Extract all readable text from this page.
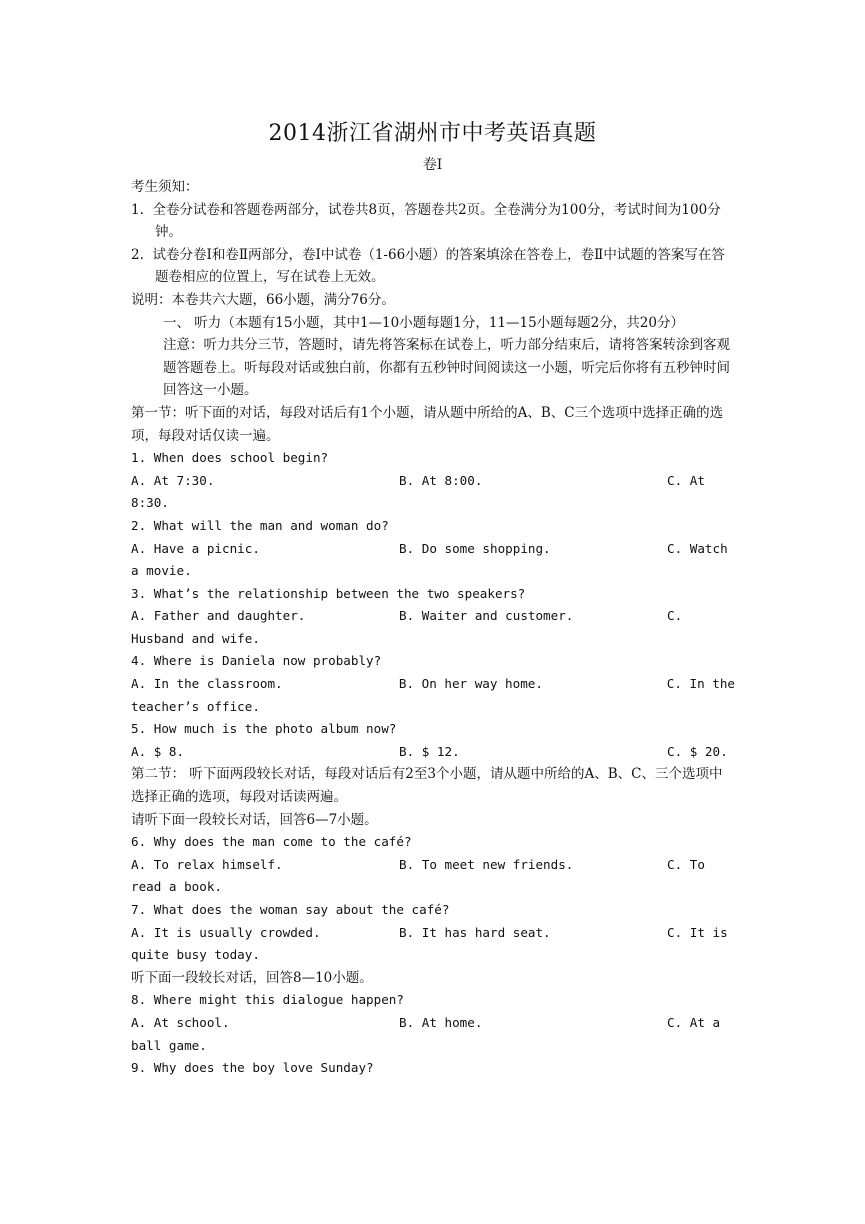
2014浙江省湖州市中考英语真题
卷Ⅰ
考生须知：
1. 全卷分试卷和答题卷两部分，试卷共8页，答题卷共2页。全卷满分为100分，考试时间为100分钟。
2. 试卷分卷Ⅰ和卷Ⅱ两部分，卷Ⅰ中试卷（1-66小题）的答案填涂在答卷上，卷Ⅱ中试题的答案写在答题卷相应的位置上，写在试卷上无效。
说明：本卷共六大题，66小题，满分76分。
一、 听力（本题有15小题，其中1—10小题每题1分，11—15小题每题2分，共20分）
注意：听力共分三节，答题时，请先将答案标在试卷上，听力部分结束后，请将答案转涂到客观题答题卷上。听每段对话或独白前，你都有五秒钟时间阅读这一小题，听完后你将有五秒钟时间回答这一小题。
第一节：听下面的对话，每段对话后有1个小题，请从题中所给的A、B、C三个选项中选择正确的选项，每段对话仅读一遍。
1. When does school begin?
A. At 7:30.	B. At 8:00.	C. At
8:30.
2. What will the man and woman do?
A. Have a picnic.	B. Do some shopping.	C. Watch
a movie.
3. What’s the relationship between the two speakers?
A. Father and daughter.	B. Waiter and customer.	C.
Husband and wife.
4. Where is Daniela now probably?
A. In the classroom.	B. On her way home.	C. In the
teacher’s office.
5. How much is the photo album now?
A. $ 8.	B. $ 12.	C. $ 20.
第二节： 听下面两段较长对话，每段对话后有2至3个小题，请从题中所给的A、B、C、三个选项中选择正确的选项，每段对话读两遍。
请听下面一段较长对话，回答6—7小题。
6. Why does the man come to the café?
A. To relax himself.	B. To meet new friends.	C. To
read a book.
7. What does the woman say about the café?
A. It is usually crowded.	B. It has hard seat.	C. It is
quite busy today.
听下面一段较长对话，回答8—10小题。
8. Where might this dialogue happen?
A. At school.	B. At home.	C. At a
ball game.
9. Why does the boy love Sunday?
